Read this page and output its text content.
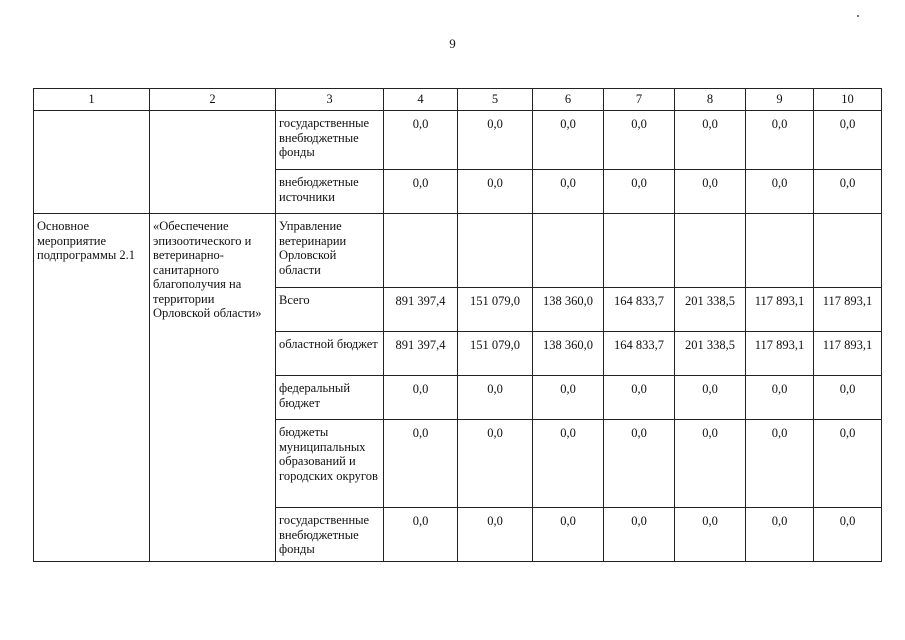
9
1	2	3	4	5	6	7	8	9	10
		государственные внебюджетные фонды	0,0	0,0	0,0	0,0	0,0	0,0	0,0
		внебюджетные источники	0,0	0,0	0,0	0,0	0,0	0,0	0,0
Основное мероприятие подпрограммы 2.1	«Обеспечение эпизоотического и ветеринарно-санитарного благополучия на территории Орловской области»	Управление ветеринарии Орловской области							
		Всего	891 397,4	151 079,0	138 360,0	164 833,7	201 338,5	117 893,1	117 893,1
		областной бюджет	891 397,4	151 079,0	138 360,0	164 833,7	201 338,5	117 893,1	117 893,1
		федеральный бюджет	0,0	0,0	0,0	0,0	0,0	0,0	0,0
		бюджеты муниципальных образований и городских округов	0,0	0,0	0,0	0,0	0,0	0,0	0,0
		государственные внебюджетные фонды	0,0	0,0	0,0	0,0	0,0	0,0	0,0
